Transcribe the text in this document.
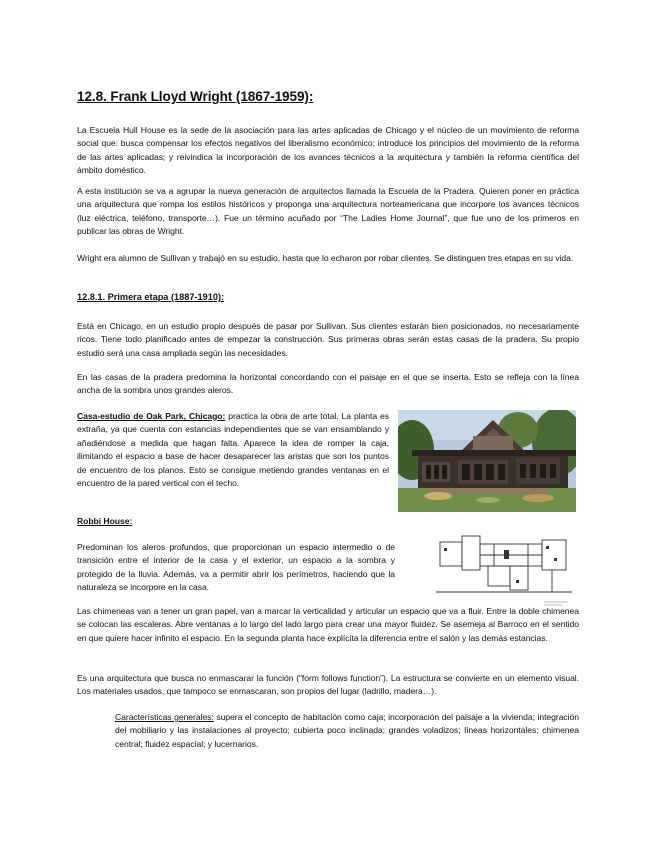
12.8. Frank Lloyd Wright (1867-1959):

La Escuela Hull House es la sede de la asociación para las artes aplicadas de Chicago y el núcleo de un movimiento de reforma social que: busca compensar los efectos negativos del liberalismo económico; introduce los principios del movimiento de la reforma de las artes aplicadas; y reivindica la incorporación de los avances técnicos a la arquitectura y también la reforma científica del ámbito doméstico.

A esta institución se va a agrupar la nueva generación de arquitectos llamada la Escuela de la Pradera. Quieren poner en práctica una arquitectura que rompa los estilos históricos y proponga una arquitectura norteamericana que incorpore los avances técnicos (luz eléctrica, teléfono, transporte…). Fue un término acuñado por “The Ladies Home Journal”, que fue uno de los primeros en publicar las obras de Wright.

Wright era alumno de Sullivan y trabajó en su estudio, hasta que lo echaron por robar clientes. Se distinguen tres etapas en su vida.

12.8.1. Primera etapa (1887-1910):

Está en Chicago, en un estudio propio después de pasar por Sullivan. Sus clientes estarán bien posicionados, no necesariamente ricos. Tiene todo planificado antes de empezar la construcción. Sus primeras obras serán estas casas de la pradera. Su propio estudio será una casa ampliada según las necesidades.

En las casas de la pradera predomina la horizontal concordando con el paisaje en el que se inserta. Esto se refleja con la línea ancha de la sombra unos grandes aleros.

Casa-estudio de Oak Park, Chicago: practica la obra de arte total. La planta es extraña, ya que cuenta con estancias independientes que se van ensamblando y añadiéndose a medida que hagan falta. Aparece la idea de romper la caja, ilimitando el espacio a base de hacer desaparecer las aristas que son los puntos de encuentro de los planos. Esto se consigue metiendo grandes ventanas en el encuentro de la pared vertical con el techo.

Robbi House:

Predominan los aleros profundos, que proporcionan un espacio intermedio o de transición entre el interior de la casa y el exterior, un espacio a la sombra y protegido de la lluvia. Además, va a permitir abrir los perímetros, haciendo que la naturaleza se incorpore en la casa.

Las chimeneas van a tener un gran papel, van a marcar la verticalidad y articular un espacio que va a fluir. Entre la doble chimenea se colocan las escaleras. Abre ventanas a lo largo del lado largo para crear una mayor fluidez. Se asemeja al Barroco en el sentido en que quiere hacer infinito el espacio. En la segunda planta hace explícita la diferencia entre el salón y las demás estancias.

Es una arquitectura que busca no enmascarar la función (“form follows function”). La estructura se convierte en un elemento visual. Los materiales usados, que tampoco se enmascaran, son propios del lugar (ladrillo, madera…).

Características generales: supera el concepto de habitación como caja; incorporación del paisaje a la vivienda; integración del mobiliario y las instalaciones al proyecto; cubierta poco inclinada; grandes voladizos; líneas horizontales; chimenea central; fluidez espacial; y lucernarios.
